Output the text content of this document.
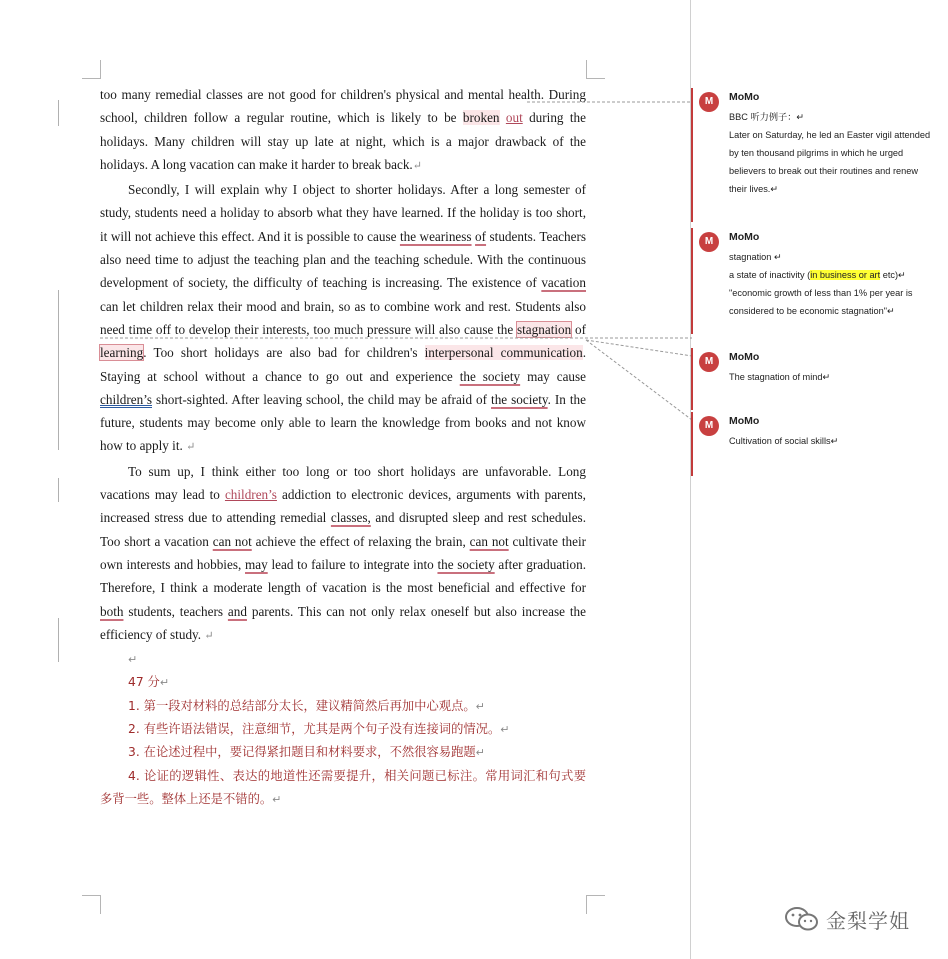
too many remedial classes are not good for children's physical and mental health. During school, children follow a regular routine, which is likely to be broken out during the holidays. Many children will stay up late at night, which is a major drawback of the holidays. A long vacation can make it harder to break back.↵

Secondly, I will explain why I object to shorter holidays. After a long semester of study, students need a holiday to absorb what they have learned. If the holiday is too short, it will not achieve this effect. And it is possible to cause the weariness of students. Teachers also need time to adjust the teaching plan and the teaching schedule. With the continuous development of society, the difficulty of teaching is increasing. The existence of vacation can let children relax their mood and brain, so as to combine work and rest. Students also need time off to develop their interests, too much pressure will also cause the stagnation of learning. Too short holidays are also bad for children's interpersonal communication. Staying at school without a chance to go out and experience the society may cause children’s short-sighted. After leaving school, the child may be afraid of the society. In the future, students may become only able to learn the knowledge from books and not know how to apply it. ↵

To sum up, I think either too long or too short holidays are unfavorable. Long vacations may lead to children’s addiction to electronic devices, arguments with parents, increased stress due to attending remedial classes, and disrupted sleep and rest schedules. Too short a vacation can not achieve the effect of relaxing the brain, can not cultivate their own interests and hobbies, may lead to failure to integrate into the society after graduation. Therefore, I think a moderate length of vacation is the most beneficial and effective for both students, teachers and parents. This can not only relax oneself but also increase the efficiency of study. ↵

↵

47 分↵

1. 第一段对材料的总结部分太长，建议精简然后再加中心观点。↵

2. 有些许语法错误，注意细节，尤其是两个句子没有连接词的情况。↵

3. 在论述过程中，要记得紧扣题目和材料要求，不然很容易跑题↵

4. 论证的逻辑性、表达的地道性还需要提升，相关问题已标注。常用词汇和句式要多背一些。整体上还是不错的。↵

M	MoMo
BBC 听力例子：↵
Later on Saturday, he led an Easter vigil attended
by ten thousand pilgrims in which he urged
believers to break out their routines and renew
their lives.↵
M	MoMo
stagnation ↵
a state of inactivity (in business or art etc)↵
"economic growth of less than 1% per year is
considered to be economic stagnation"↵
M	MoMo
The stagnation of mind↵
M	MoMo
Cultivation of social skills↵
金梨学姐
